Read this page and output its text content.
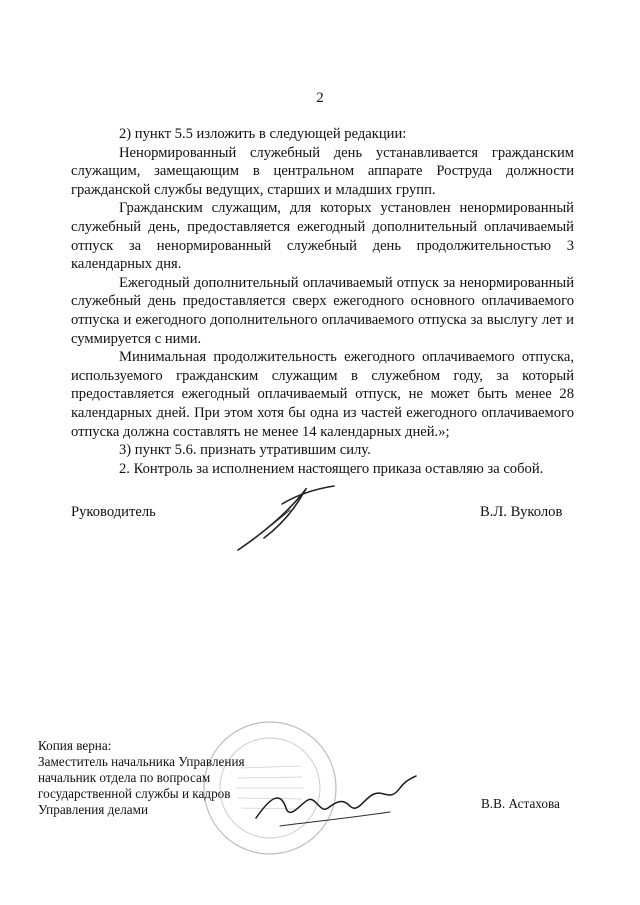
2

2) пункт 5.5 изложить в следующей редакции:

Ненормированный служебный день устанавливается гражданским служащим, замещающим в центральном аппарате Роструда должности гражданской службы ведущих, старших и младших групп.

Гражданским служащим, для которых установлен ненормированный служебный день, предоставляется ежегодный дополнительный оплачиваемый отпуск за ненормированный служебный день продолжительностью 3 календарных дня.

Ежегодный дополнительный оплачиваемый отпуск за ненормированный служебный день предоставляется сверх ежегодного основного оплачиваемого отпуска и ежегодного дополнительного оплачиваемого отпуска за выслугу лет и суммируется с ними.

Минимальная продолжительность ежегодного оплачиваемого отпуска, используемого гражданским служащим в служебном году, за который предоставляется ежегодный оплачиваемый отпуск, не может быть менее 28 календарных дней. При этом хотя бы одна из частей ежегодного оплачиваемого отпуска должна составлять не менее 14 календарных дней.»;

3) пункт 5.6. признать утратившим силу.

2. Контроль за исполнением настоящего приказа оставляю за собой.

Руководитель	В.Л. Вуколов
Копия верна:
Заместитель начальника Управления
начальник отдела по вопросам
государственной службы и кадров
Управления делами	В.В. Астахова
